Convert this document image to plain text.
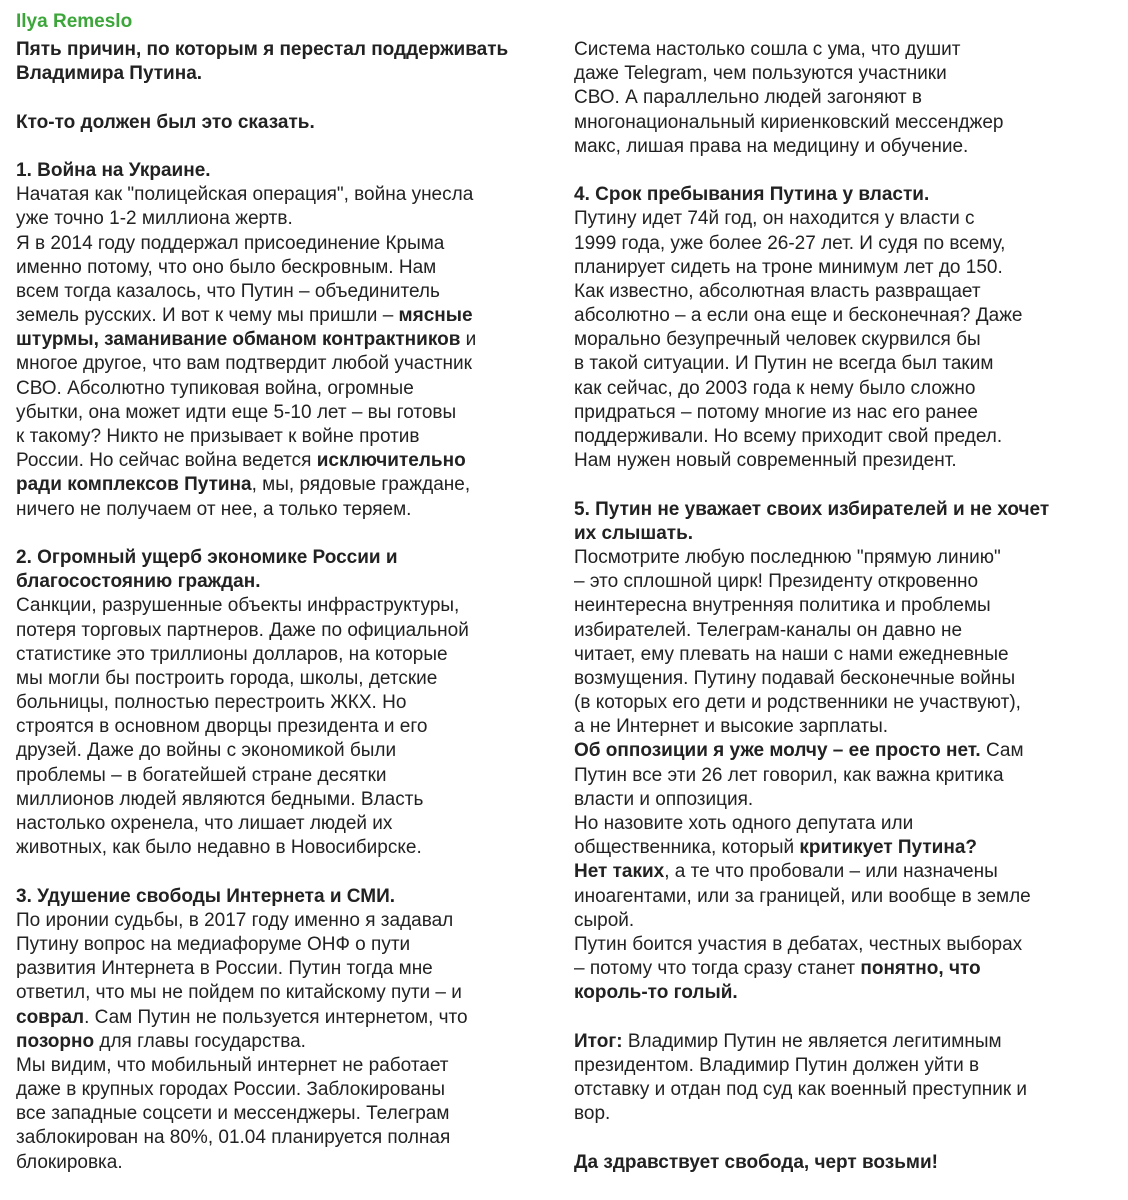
Ilya Remeslo
Пять причин, по которым я перестал поддерживать
Владимира Путина.
Кто-то должен был это сказать.
1. Война на Украине.
Начатая как "полицейская операция", война унесла
уже точно 1-2 миллиона жертв.
Я в 2014 году поддержал присоединение Крыма
именно потому, что оно было бескровным. Нам
всем тогда казалось, что Путин – объединитель
земель русских. И вот к чему мы пришли – мясные
штурмы, заманивание обманом контрактников и
многое другое, что вам подтвердит любой участник
СВО. Абсолютно тупиковая война, огромные
убытки, она может идти еще 5-10 лет – вы готовы
к такому? Никто не призывает к войне против
России. Но сейчас война ведется исключительно
ради комплексов Путина, мы, рядовые граждане,
ничего не получаем от нее, а только теряем.
2. Огромный ущерб экономике России и
благосостоянию граждан.
Санкции, разрушенные объекты инфраструктуры,
потеря торговых партнеров. Даже по официальной
статистике это триллионы долларов, на которые
мы могли бы построить города, школы, детские
больницы, полностью перестроить ЖКХ. Но
строятся в основном дворцы президента и его
друзей. Даже до войны с экономикой были
проблемы – в богатейшей стране десятки
миллионов людей являются бедными. Власть
настолько охренела, что лишает людей их
животных, как было недавно в Новосибирске.
3. Удушение свободы Интернета и СМИ.
По иронии судьбы, в 2017 году именно я задавал
Путину вопрос на медиафоруме ОНФ о пути
развития Интернета в России. Путин тогда мне
ответил, что мы не пойдем по китайскому пути – и
соврал. Сам Путин не пользуется интернетом, что
позорно для главы государства.
Мы видим, что мобильный интернет не работает
даже в крупных городах России. Заблокированы
все западные соцсети и мессенджеры. Телеграм
заблокирован на 80%, 01.04 планируется полная
блокировка.
Система настолько сошла с ума, что душит
даже Telegram, чем пользуются участники
СВО. А параллельно людей загоняют в
многонациональный кириенковский мессенджер
макс, лишая права на медицину и обучение.
4. Срок пребывания Путина у власти.
Путину идет 74й год, он находится у власти с
1999 года, уже более 26-27 лет. И судя по всему,
планирует сидеть на троне минимум лет до 150.
Как известно, абсолютная власть развращает
абсолютно – а если она еще и бесконечная? Даже
морально безупречный человек скурвился бы
в такой ситуации. И Путин не всегда был таким
как сейчас, до 2003 года к нему было сложно
придраться – потому многие из нас его ранее
поддерживали. Но всему приходит свой предел.
Нам нужен новый современный президент.
5. Путин не уважает своих избирателей и не хочет
их слышать.
Посмотрите любую последнюю "прямую линию"
– это сплошной цирк! Президенту откровенно
неинтересна внутренняя политика и проблемы
избирателей. Телеграм-каналы он давно не
читает, ему плевать на наши с нами ежедневные
возмущения. Путину подавай бесконечные войны
(в которых его дети и родственники не участвуют),
а не Интернет и высокие зарплаты.
Об оппозиции я уже молчу – ее просто нет. Сам
Путин все эти 26 лет говорил, как важна критика
власти и оппозиция.
Но назовите хоть одного депутата или
общественника, который критикует Путина?
Нет таких, а те что пробовали – или назначены
иноагентами, или за границей, или вообще в земле
сырой.
Путин боится участия в дебатах, честных выборах
– потому что тогда сразу станет понятно, что
король-то голый.
Итог: Владимир Путин не является легитимным
президентом. Владимир Путин должен уйти в
отставку и отдан под суд как военный преступник и
вор.
Да здравствует свобода, черт возьми!
